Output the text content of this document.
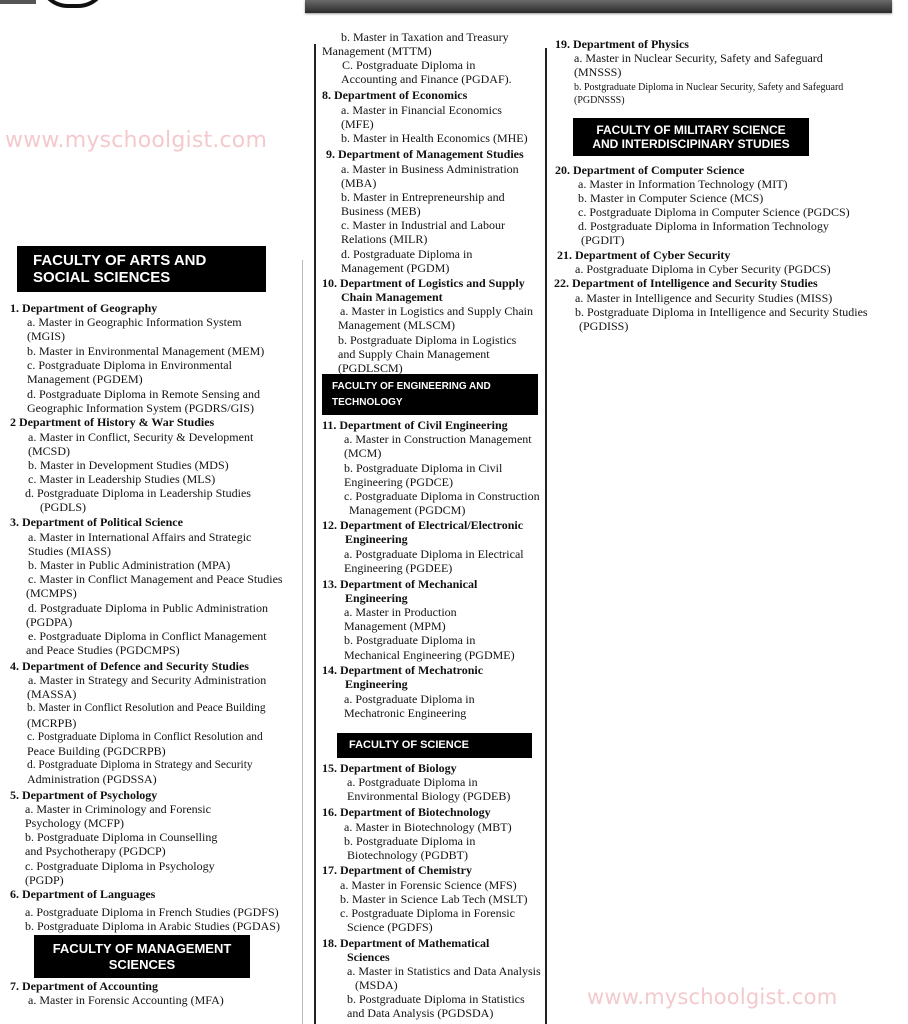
www.myschoolgist.com
www.myschoolgist.com
FACULTY OF ARTS AND
SOCIAL SCIENCES
FACULTY OF MANAGEMENT
SCIENCES
FACULTY OF ENGINEERING AND
TECHNOLOGY
FACULTY OF SCIENCE
FACULTY OF MILITARY SCIENCE
AND INTERDISCIPINARY STUDIES
1. Department of Geography
a. Master in Geographic Information System
(MGIS)
b. Master in Environmental Management (MEM)
c. Postgraduate Diploma in Environmental
Management (PGDEM)
d. Postgraduate Diploma in Remote Sensing and
Geographic Information System (PGDRS/GIS)
2 Department of History & War Studies
a. Master in Conflict, Security & Development
(MCSD)
b. Master in Development Studies (MDS)
c. Master in Leadership Studies (MLS)
d. Postgraduate Diploma in Leadership Studies
(PGDLS)
3. Department of Political Science
a. Master in International Affairs and Strategic
Studies (MIASS)
b. Master in Public Administration (MPA)
c. Master in Conflict Management and Peace Studies
(MCMPS)
d. Postgraduate Diploma in Public Administration
(PGDPA)
e. Postgraduate Diploma in Conflict Management
and Peace Studies (PGDCMPS)
4. Department of Defence and Security Studies
a. Master in Strategy and Security Administration
(MASSA)
b. Master in Conflict Resolution and Peace Building
(MCRPB)
c. Postgraduate Diploma in Conflict Resolution and
Peace Building (PGDCRPB)
d. Postgraduate Diploma in Strategy and Security
Administration (PGDSSA)
5. Department of Psychology
a. Master in Criminology and Forensic
Psychology (MCFP)
b. Postgraduate Diploma in Counselling
and Psychotherapy (PGDCP)
c. Postgraduate Diploma in Psychology
(PGDP)
6. Department of Languages
a. Postgraduate Diploma in French Studies (PGDFS)
b. Postgraduate Diploma in Arabic Studies (PGDAS)
7. Department of Accounting
a. Master in Forensic Accounting (MFA)
b. Master in Taxation and Treasury
Management (MTTM)
C. Postgraduate Diploma in
Accounting and Finance (PGDAF).
8. Department of Economics
a. Master in Financial Economics
(MFE)
b. Master in Health Economics (MHE)
9. Department of Management Studies
a. Master in Business Administration
(MBA)
b. Master in Entrepreneurship and
Business (MEB)
c. Master in Industrial and Labour
Relations (MILR)
d. Postgraduate Diploma in
Management (PGDM)
10. Department of Logistics and Supply
Chain Management
a. Master in Logistics and Supply Chain
Management (MLSCM)
b. Postgraduate Diploma in Logistics
and Supply Chain Management
(PGDLSCM)
11. Department of Civil Engineering
a. Master in Construction Management
(MCM)
b. Postgraduate Diploma in Civil
Engineering (PGDCE)
c. Postgraduate Diploma in Construction
Management (PGDCM)
12. Department of Electrical/Electronic
Engineering
a. Postgraduate Diploma in Electrical
Engineering (PGDEE)
13. Department of Mechanical
Engineering
a. Master in Production
Management (MPM)
b. Postgraduate Diploma in
Mechanical Engineering (PGDME)
14. Department of Mechatronic
Engineering
a. Postgraduate Diploma in
Mechatronic Engineering
15. Department of Biology
a. Postgraduate Diploma in
Environmental Biology (PGDEB)
16. Department of Biotechnology
a. Master in Biotechnology (MBT)
b. Postgraduate Diploma in
Biotechnology (PGDBT)
17. Department of Chemistry
a. Master in Forensic Science (MFS)
b. Master in Science Lab Tech (MSLT)
c. Postgraduate Diploma in Forensic
Science (PGDFS)
18. Department of Mathematical
Sciences
a. Master in Statistics and Data Analysis
(MSDA)
b. Postgraduate Diploma in Statistics
and Data Analysis (PGDSDA)
19. Department of Physics
a. Master in Nuclear Security, Safety and Safeguard
(MNSSS)
b. Postgraduate Diploma in Nuclear Security, Safety and Safeguard
(PGDNSSS)
20. Department of Computer Science
a. Master in Information Technology (MIT)
b. Master in Computer Science (MCS)
c. Postgraduate Diploma in Computer Science (PGDCS)
d. Postgraduate Diploma in Information Technology
(PGDIT)
21. Department of Cyber Security
a. Postgraduate Diploma in Cyber Security (PGDCS)
22. Department of Intelligence and Security Studies
a. Master in Intelligence and Security Studies (MISS)
b. Postgraduate Diploma in Intelligence and Security Studies
(PGDISS)
